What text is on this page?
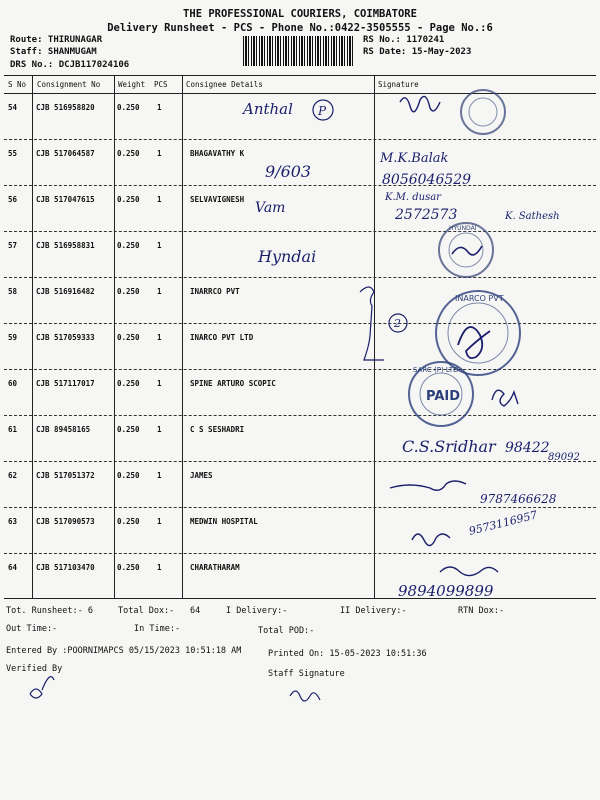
THE PROFESSIONAL COURIERS, COIMBATORE
Delivery Runsheet - PCS - Phone No.:0422-3505555 - Page No.:6
Route: THIRUNAGAR
Staff: SHANMUGAM
DRS No.: DCJB117024106
RS No.: 1170241
RS Date: 15-May-2023
S No Consignment No Weight PCS Consignee Details	Signature
54	CJB 516958820	0.250 1
55	CJB 517064587	0.250 1	BHAGAVATHY K
56	CJB 517047615	0.250 1	SELVAVIGNESH
57	CJB 516958831	0.250 1
58	CJB 516916482	0.250 1	INARRCO PVT
59	CJB 517059333	0.250 1	INARCO PVT LTD
60	CJB 517117017	0.250 1	SPINE ARTURO SCOPIC
61	CJB 89458165	0.250 1	C S SESHADRI
62	CJB 517051372	0.250 1	JAMES
63	CJB 517090573	0.250 1	MEDWIN HOSPITAL
64	CJB 517103470	0.250 1	CHARATHARAM
Anthal P
9/603
M.K.Balak
8056046529
Vam
K.M. dusar
2572573	K. Sathesh
Hyndai
HYUNDAI
2
INARCO PVT
SARC (P) LTD
PAID
C.S.Sridhar 98422
89092
9787466628
9573116957
9894099899
Tot. Runsheet:- 6	Total Dox:- 64	I Delivery:-	II Delivery:-	RTN Dox:-
Out Time:-	In Time:-	Total POD:-
Entered By :POORNIMAPCS 05/15/2023 10:51:18 AM	Printed On: 15-05-2023 10:51:36
Verified By	Staff Signature
